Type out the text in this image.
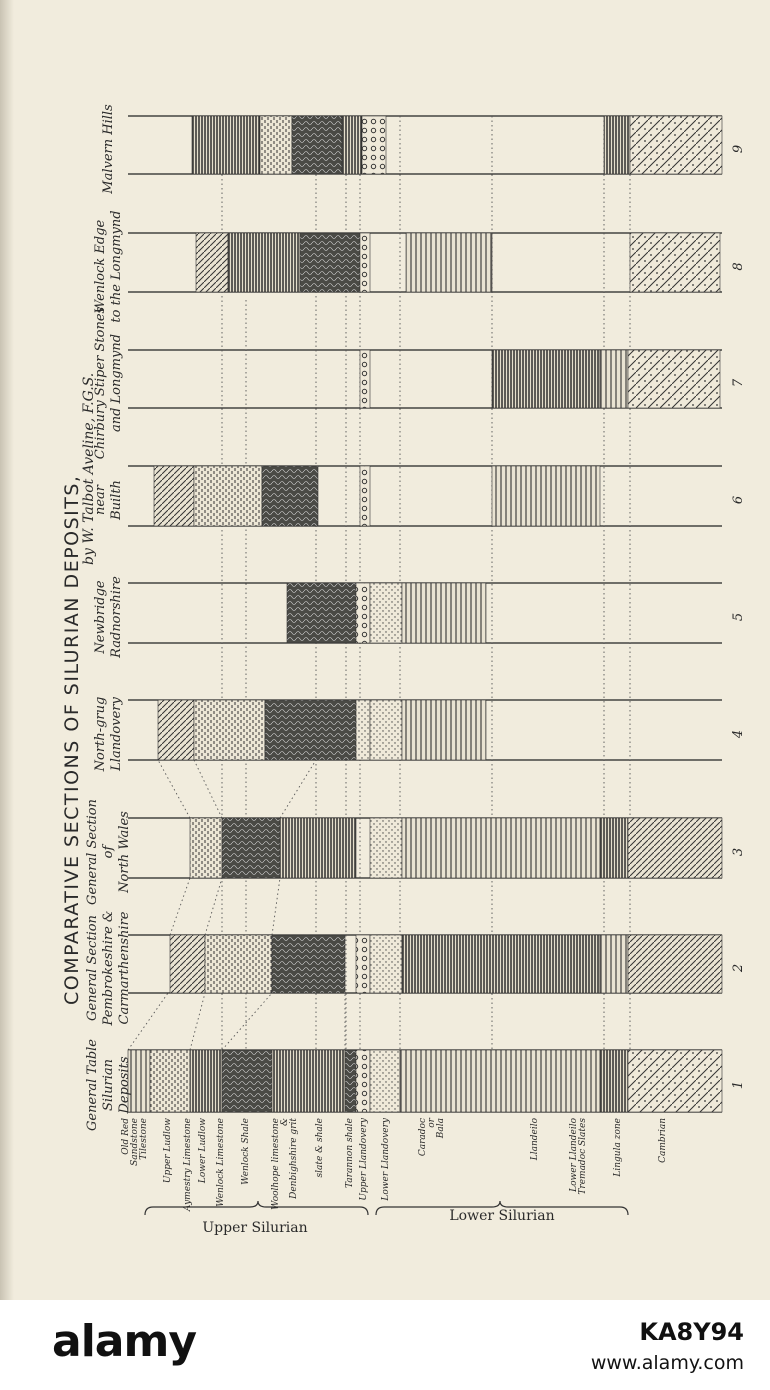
General Table Silurian Deposits	1
General Section Pembrokeshire & Carmarthenshire	2
General Section of North Wales	3
North-grug Llandovery	4
Newbridge Radnorshire	5
near Builth	6
Chirbury Stiper Stones and Longmynd	7
Wenlock Edge to the Longmynd	8
Malvern Hills	9
Old Red Sandstone Tilestone Upper Ludlow Aymestry Limestone Lower Ludlow Wenlock Limestone Wenlock Shale Woolhope limestone & Denbighshire grit slate & shale Tarannon shale Upper Llandovery Lower Llandovery	Caradoc or Bala	Llandeilo	Lower Llandeilo Tremadoc Slates	Lingula zone	Cambrian
COMPARATIVE SECTIONS OF SILURIAN DEPOSITS,
by W. Talbot Aveline, F.G.S.
Upper Silurian
Lower Silurian
alamy	KA8Y94
www.alamy.com
